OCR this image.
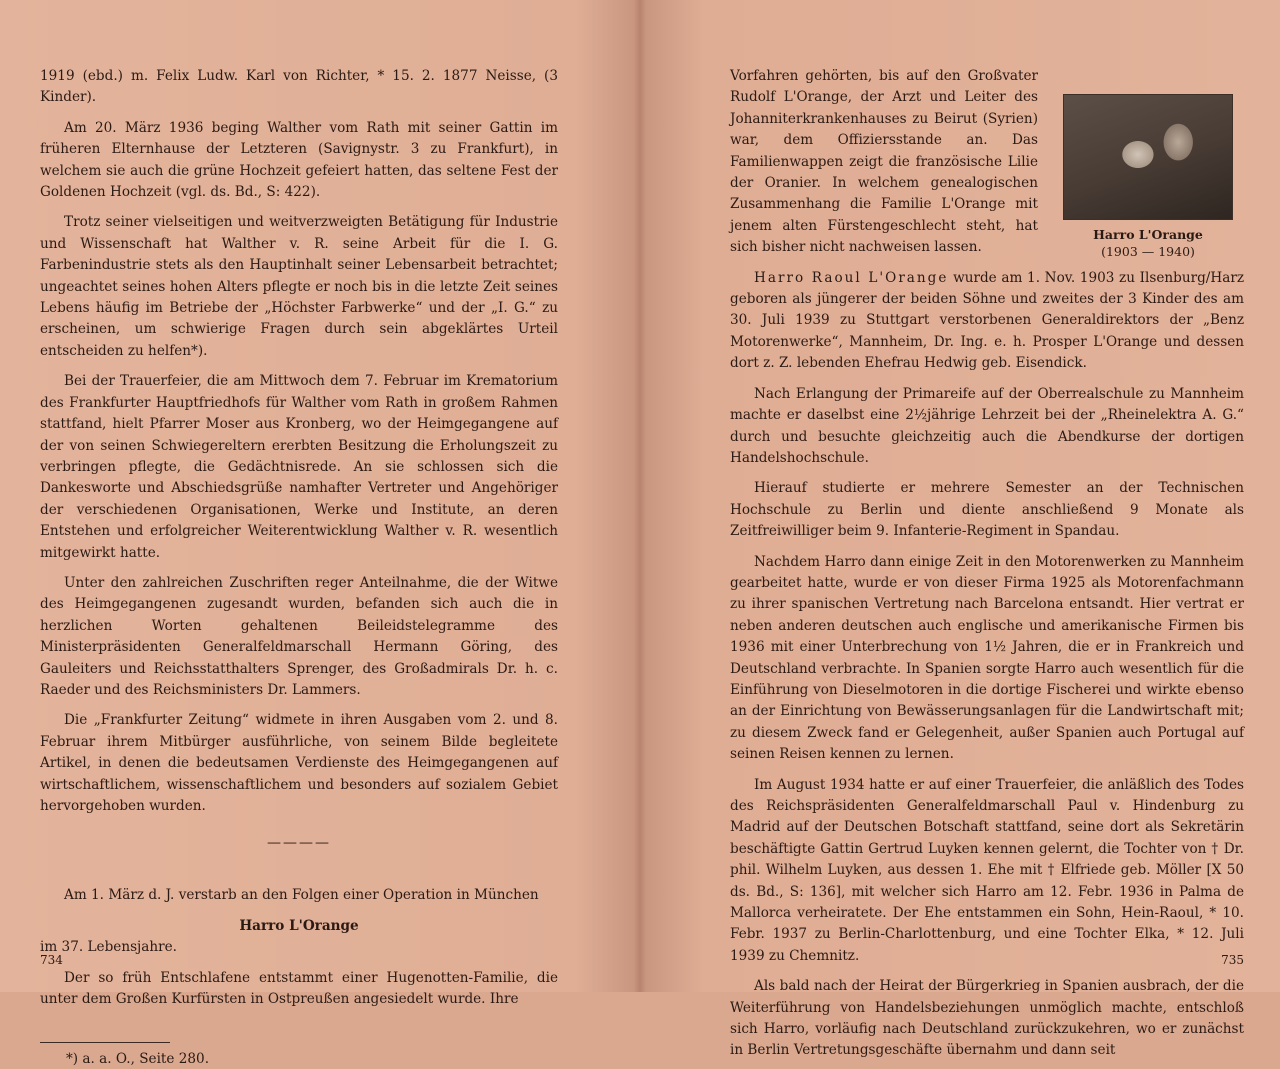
1919 (ebd.) m. Felix Ludw. Karl von Richter, * 15. 2. 1877 Neisse, (3 Kinder).

Am 20. März 1936 beging Walther vom Rath mit seiner Gattin im früheren Elternhause der Letzteren (Savignystr. 3 zu Frankfurt), in welchem sie auch die grüne Hochzeit gefeiert hatten, das seltene Fest der Goldenen Hochzeit (vgl. ds. Bd., S: 422).

Trotz seiner vielseitigen und weitverzweigten Betätigung für Industrie und Wissenschaft hat Walther v. R. seine Arbeit für die I. G. Farbenindustrie stets als den Hauptinhalt seiner Lebensarbeit betrachtet; ungeachtet seines hohen Alters pflegte er noch bis in die letzte Zeit seines Lebens häufig im Betriebe der „Höchster Farbwerke“ und der „I. G.“ zu erscheinen, um schwierige Fragen durch sein abgeklärtes Urteil entscheiden zu helfen*).

Bei der Trauerfeier, die am Mittwoch dem 7. Februar im Krematorium des Frankfurter Hauptfriedhofs für Walther vom Rath in großem Rahmen stattfand, hielt Pfarrer Moser aus Kronberg, wo der Heimgegangene auf der von seinen Schwiegereltern ererbten Besitzung die Erholungszeit zu verbringen pflegte, die Gedächtnisrede. An sie schlossen sich die Dankesworte und Abschiedsgrüße namhafter Vertreter und Angehöriger der verschiedenen Organisationen, Werke und Institute, an deren Entstehen und erfolgreicher Weiterentwicklung Walther v. R. wesentlich mitgewirkt hatte.

Unter den zahlreichen Zuschriften reger Anteilnahme, die der Witwe des Heimgegangenen zugesandt wurden, befanden sich auch die in herzlichen Worten gehaltenen Beileidstelegramme des Ministerpräsidenten Generalfeldmarschall Hermann Göring, des Gauleiters und Reichsstatthalters Sprenger, des Großadmirals Dr. h. c. Raeder und des Reichsministers Dr. Lammers.

Die „Frankfurter Zeitung“ widmete in ihren Ausgaben vom 2. und 8. Februar ihrem Mitbürger ausführliche, von seinem Bilde begleitete Artikel, in denen die bedeutsamen Verdienste des Heimgegangenen auf wirtschaftlichem, wissenschaftlichem und besonders auf sozialem Gebiet hervorgehoben wurden.

————

Am 1. März d. J. verstarb an den Folgen einer Operation in München

Harro L'Orange

im 37. Lebensjahre.

Der so früh Entschlafene entstammt einer Hugenotten-Familie, die unter dem Großen Kurfürsten in Ostpreußen angesiedelt wurde. Ihre

*) a. a. O., Seite 280.

734
Harro L'Orange
(1903 — 1940)

Vorfahren gehörten, bis auf den Großvater Rudolf L'Orange, der Arzt und Leiter des Johanniterkrankenhauses zu Beirut (Syrien) war, dem Offiziersstande an. Das Familienwappen zeigt die französische Lilie der Oranier. In welchem genealogischen Zusammenhang die Familie L'Orange mit jenem alten Fürstengeschlecht steht, hat sich bisher nicht nachweisen lassen.

Harro Raoul L'Orange wurde am 1. Nov. 1903 zu Ilsenburg/Harz geboren als jüngerer der beiden Söhne und zweites der 3 Kinder des am 30. Juli 1939 zu Stuttgart verstorbenen Generaldirektors der „Benz Motorenwerke“, Mannheim, Dr. Ing. e. h. Prosper L'Orange und dessen dort z. Z. lebenden Ehefrau Hedwig geb. Eisendick.

Nach Erlangung der Primareife auf der Oberrealschule zu Mannheim machte er daselbst eine 2½jährige Lehrzeit bei der „Rheinelektra A. G.“ durch und besuchte gleichzeitig auch die Abendkurse der dortigen Handelshochschule.

Hierauf studierte er mehrere Semester an der Technischen Hochschule zu Berlin und diente anschließend 9 Monate als Zeitfreiwilliger beim 9. Infanterie-Regiment in Spandau.

Nachdem Harro dann einige Zeit in den Motorenwerken zu Mannheim gearbeitet hatte, wurde er von dieser Firma 1925 als Motorenfachmann zu ihrer spanischen Vertretung nach Barcelona entsandt. Hier vertrat er neben anderen deutschen auch englische und amerikanische Firmen bis 1936 mit einer Unterbrechung von 1½ Jahren, die er in Frankreich und Deutschland verbrachte. In Spanien sorgte Harro auch wesentlich für die Einführung von Dieselmotoren in die dortige Fischerei und wirkte ebenso an der Einrichtung von Bewässerungsanlagen für die Landwirtschaft mit; zu diesem Zweck fand er Gelegenheit, außer Spanien auch Portugal auf seinen Reisen kennen zu lernen.

Im August 1934 hatte er auf einer Trauerfeier, die anläßlich des Todes des Reichspräsidenten Generalfeldmarschall Paul v. Hindenburg zu Madrid auf der Deutschen Botschaft stattfand, seine dort als Sekretärin beschäftigte Gattin Gertrud Luyken kennen gelernt, die Tochter von † Dr. phil. Wilhelm Luyken, aus dessen 1. Ehe mit † Elfriede geb. Möller [X 50 ds. Bd., S: 136], mit welcher sich Harro am 12. Febr. 1936 in Palma de Mallorca verheiratete. Der Ehe entstammen ein Sohn, Hein-Raoul, * 10. Febr. 1937 zu Berlin-Charlottenburg, und eine Tochter Elka, * 12. Juli 1939 zu Chemnitz.

Als bald nach der Heirat der Bürgerkrieg in Spanien ausbrach, der die Weiterführung von Handelsbeziehungen unmöglich machte, entschloß sich Harro, vorläufig nach Deutschland zurückzukehren, wo er zunächst in Berlin Vertretungsgeschäfte übernahm und dann seit

735
